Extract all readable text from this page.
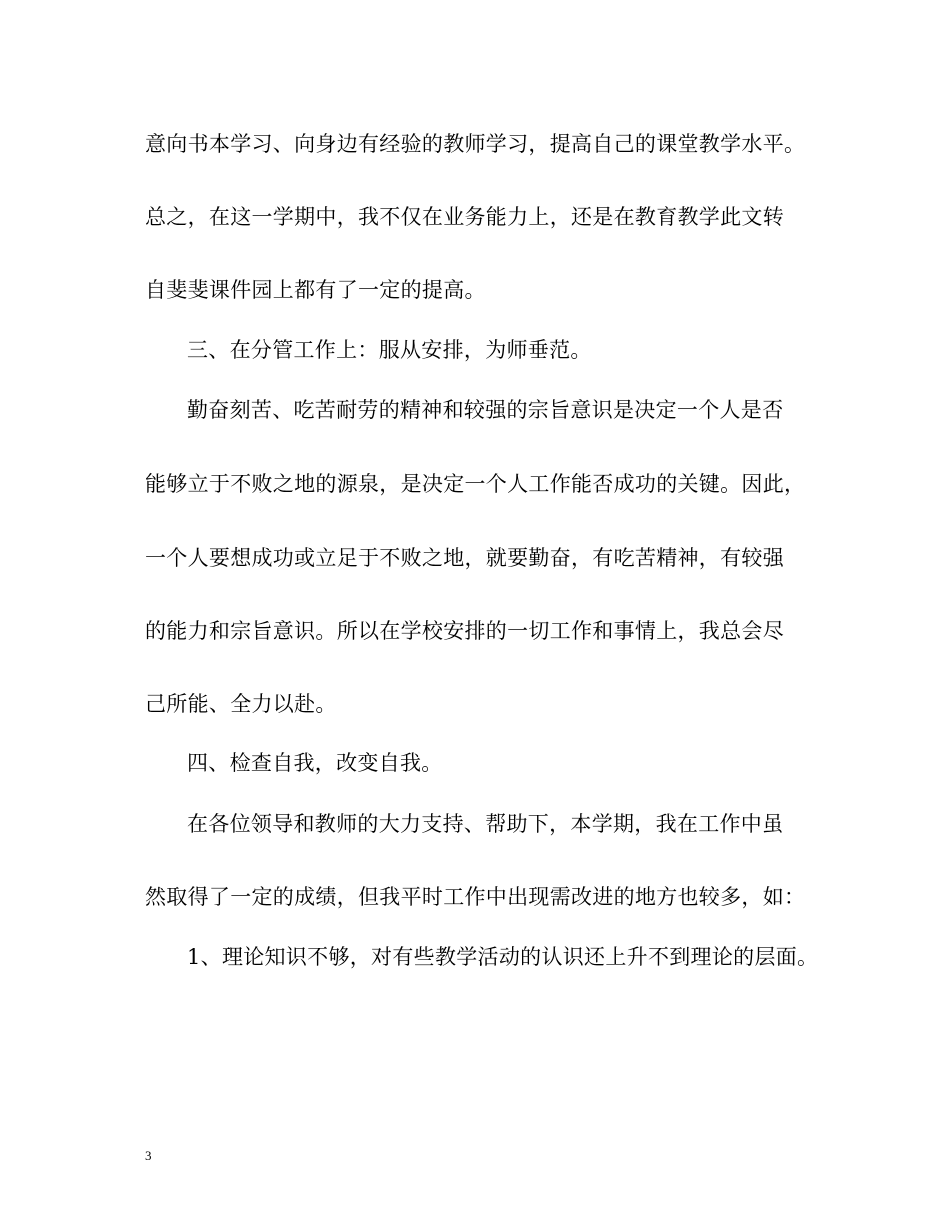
意向书本学习、向身边有经验的教师学习，提高自己的课堂教学水平。
总之，在这一学期中，我不仅在业务能力上，还是在教育教学此文转
自斐斐课件园上都有了一定的提高。
三、在分管工作上：服从安排，为师垂范。
勤奋刻苦、吃苦耐劳的精神和较强的宗旨意识是决定一个人是否
能够立于不败之地的源泉，是决定一个人工作能否成功的关键。因此，
一个人要想成功或立足于不败之地，就要勤奋，有吃苦精神，有较强
的能力和宗旨意识。所以在学校安排的一切工作和事情上，我总会尽
己所能、全力以赴。
四、检查自我，改变自我。
在各位领导和教师的大力支持、帮助下，本学期，我在工作中虽
然取得了一定的成绩，但我平时工作中出现需改进的地方也较多，如：
1、理论知识不够，对有些教学活动的认识还上升不到理论的层面。
3
